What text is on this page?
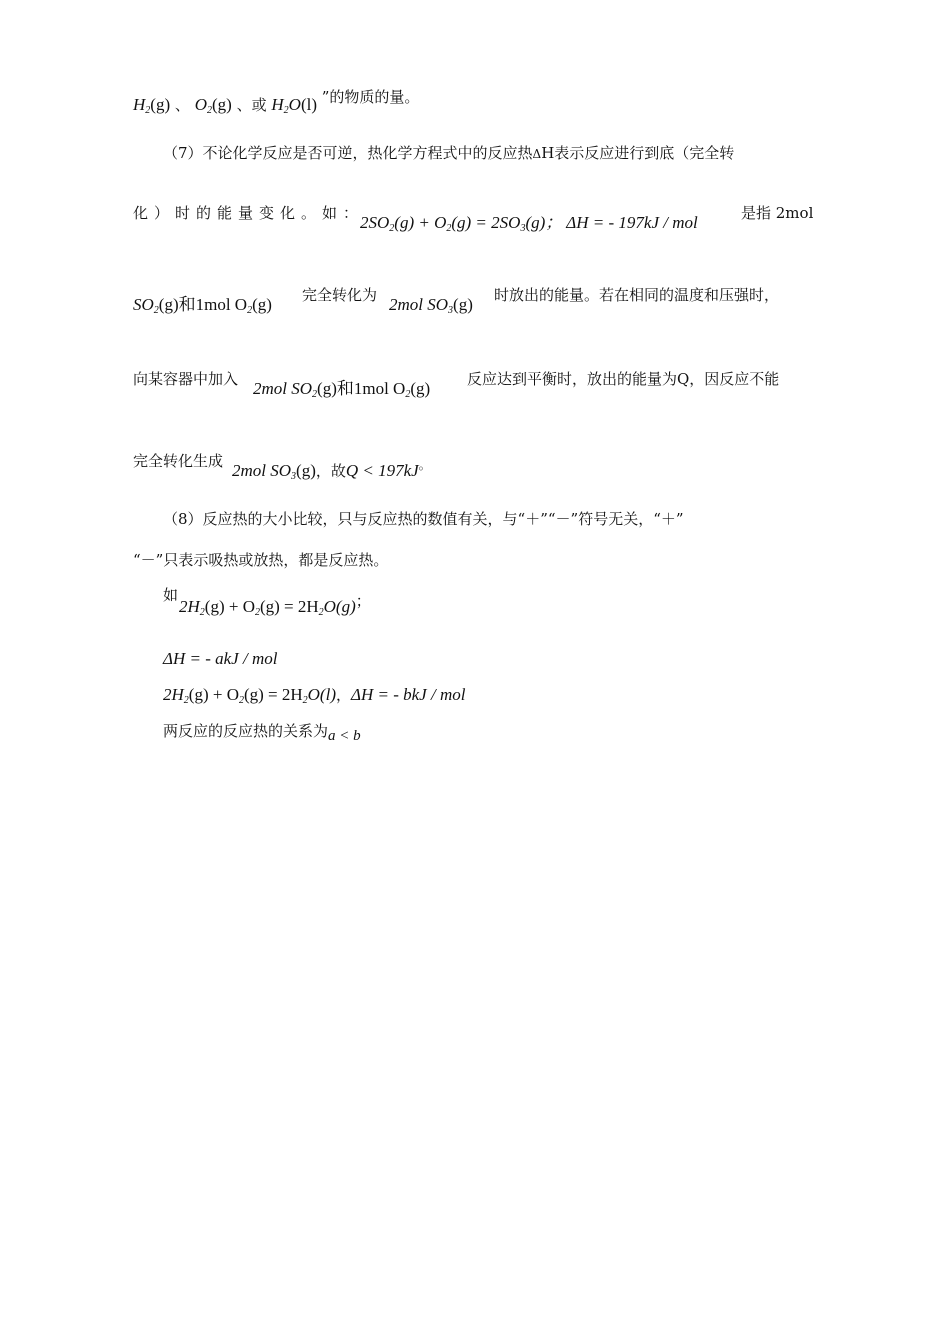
$H_2(g)$ 、 $O_2(g)$ 、或 $H_2O(l)$ ”的物质的量。
（7）不论化学反应是否可逆，热化学方程式中的反应热ΔH表示反应进行到底（完全转
化）时的能量变化。如：
$2SO_2(g) + O_2(g) = 2SO_3(g)$； ΔH = - 197kJ / mol	是指 2mol
$SO_2(g)$和1mol $O_2(g)$ 完全转化为 2mol $SO_3(g)$ 时放出的能量。若在相同的温度和压强时，
向某容器中加入 2mol $SO_2(g)$和1mol $O_2(g)$ 反应达到平衡时，放出的能量为Q，因反应不能
完全转化生成 2mol $SO_3(g)$，故Q < 197kJ。
（8）反应热的大小比较，只与反应热的数值有关，与“＋”“－”符号无关，“＋”
“－”只表示吸热或放热，都是反应热。
如
$2H_2(g) + O_2(g) = 2H_2O(g)$；
ΔH = - akJ / mol
$2H_2(g) + O_2(g) = 2H_2O(l)$，ΔH = - bkJ / mol
两反应的反应热的关系为a < b
